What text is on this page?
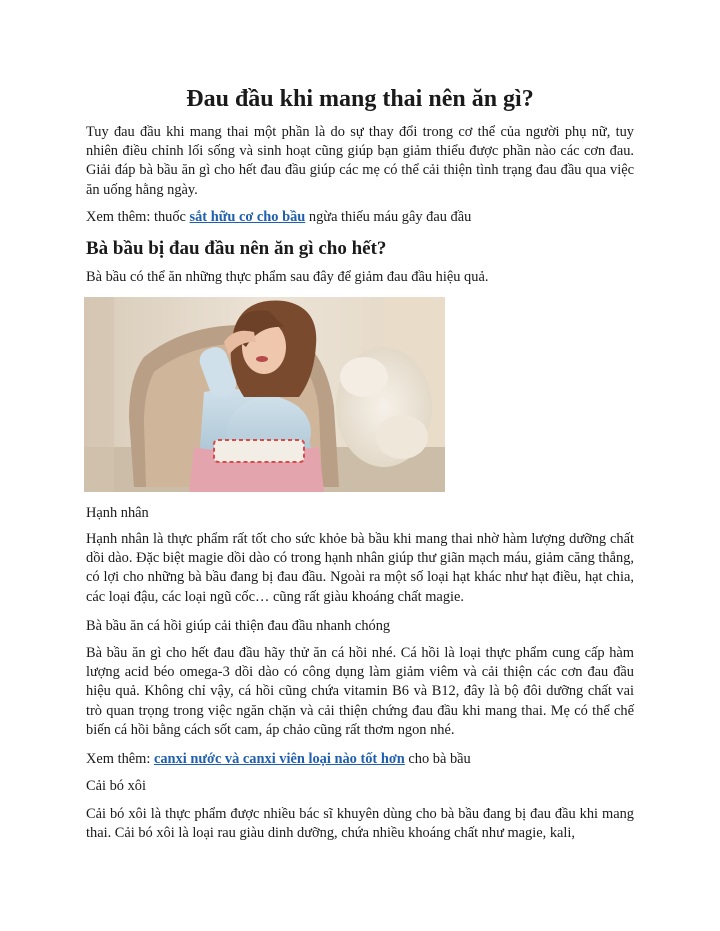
Đau đầu khi mang thai nên ăn gì?

Tuy đau đầu khi mang thai một phần là do sự thay đổi trong cơ thể của người phụ nữ, tuy nhiên điều chỉnh lối sống và sinh hoạt cũng giúp bạn giảm thiểu được phần nào các cơn đau. Giải đáp bà bầu ăn gì cho hết đau đầu giúp các mẹ có thể cải thiện tình trạng đau đầu qua việc ăn uống hằng ngày.

Xem thêm: thuốc sắt hữu cơ cho bầu ngừa thiếu máu gây đau đầu

Bà bầu bị đau đầu nên ăn gì cho hết?

Bà bầu có thể ăn những thực phẩm sau đây để giảm đau đầu hiệu quả.

Hạnh nhân

Hạnh nhân là thực phẩm rất tốt cho sức khỏe bà bầu khi mang thai nhờ hàm lượng dưỡng chất dồi dào. Đặc biệt magie dồi dào có trong hạnh nhân giúp thư giãn mạch máu, giảm căng thẳng, có lợi cho những bà bầu đang bị đau đầu. Ngoài ra một số loại hạt khác như hạt điều, hạt chia, các loại đậu, các loại ngũ cốc… cũng rất giàu khoáng chất magie.

Bà bầu ăn cá hồi giúp cải thiện đau đầu nhanh chóng

Bà bầu ăn gì cho hết đau đầu hãy thử ăn cá hồi nhé. Cá hồi là loại thực phẩm cung cấp hàm lượng acid béo omega-3 dồi dào có công dụng làm giảm viêm và cải thiện các cơn đau đầu hiệu quả. Không chỉ vậy, cá hồi cũng chứa vitamin B6 và B12, đây là bộ đôi dưỡng chất vai trò quan trọng trong việc ngăn chặn và cải thiện chứng đau đầu khi mang thai. Mẹ có thể chế biến cá hồi bằng cách sốt cam, áp chảo cũng rất thơm ngon nhé.

Xem thêm: canxi nước và canxi viên loại nào tốt hơn cho bà bầu

Cải bó xôi

Cải bó xôi là thực phẩm được nhiều bác sĩ khuyên dùng cho bà bầu đang bị đau đầu khi mang thai. Cải bó xôi là loại rau giàu dinh dưỡng, chứa nhiều khoáng chất như magie, kali,
